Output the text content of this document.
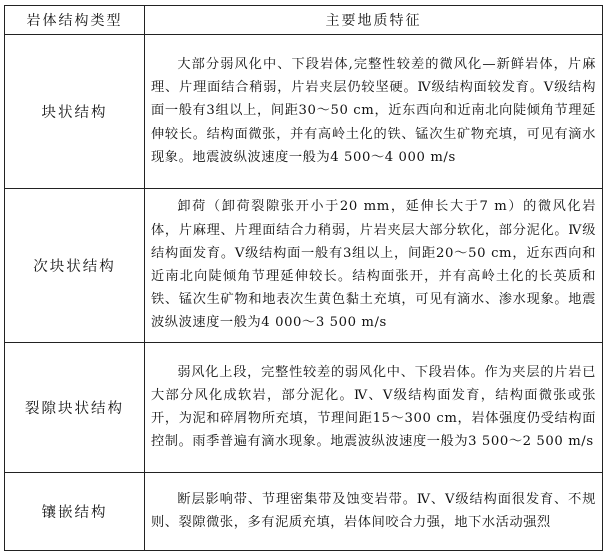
岩体结构类型	主要地质特征
块状结构	大部分弱风化中、下段岩体,完整性较差的微风化—新鲜岩体，片麻理、片理面结合稍弱，片岩夹层仍较坚硬。Ⅳ级结构面较发育。Ⅴ级结构面一般有3组以上，间距30～50 cm，近东西向和近南北向陡倾角节理延伸较长。结构面微张，并有高岭土化的铁、锰次生矿物充填，可见有滴水现象。地震波纵波速度一般为4 500～4 000 m/s
次块状结构	卸荷（卸荷裂隙张开小于20 mm，延伸长大于7 m）的微风化岩体，片麻理、片理面结合力稍弱，片岩夹层大部分软化，部分泥化。Ⅳ级结构面发育。Ⅴ级结构面一般有3组以上，间距20～50 cm，近东西向和近南北向陡倾角节理延伸较长。结构面张开，并有高岭土化的长英质和铁、锰次生矿物和地表次生黄色黏土充填，可见有滴水、渗水现象。地震波纵波速度一般为4 000～3 500 m/s
裂隙块状结构	弱风化上段，完整性较差的弱风化中、下段岩体。作为夹层的片岩已大部分风化成软岩，部分泥化。Ⅳ、Ⅴ级结构面发育，结构面微张或张开，为泥和碎屑物所充填，节理间距15～300 cm，岩体强度仍受结构面控制。雨季普遍有滴水现象。地震波纵波速度一般为3 500～2 500 m/s
镶嵌结构	断层影响带、节理密集带及蚀变岩带。Ⅳ、Ⅴ级结构面很发育、不规则、裂隙微张，多有泥质充填，岩体间咬合力强，地下水活动强烈
